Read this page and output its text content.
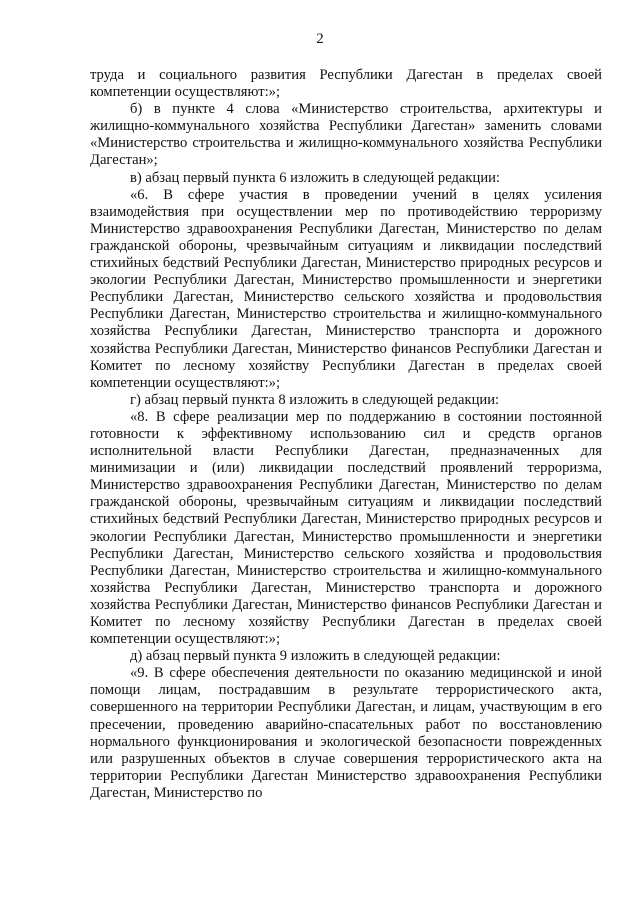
2

труда и социального развития Республики Дагестан в пределах своей компетенции осуществляют:»;

б) в пункте 4 слова «Министерство строительства, архитектуры и жилищно-коммунального хозяйства Республики Дагестан» заменить словами «Министерство строительства и жилищно-коммунального хозяйства Республики Дагестан»;

в) абзац первый пункта 6 изложить в следующей редакции:

«6. В сфере участия в проведении учений в целях усиления взаимодействия при осуществлении мер по противодействию терроризму Министерство здравоохранения Республики Дагестан, Министерство по делам гражданской обороны, чрезвычайным ситуациям и ликвидации последствий стихийных бедствий Республики Дагестан, Министерство природных ресурсов и экологии Республики Дагестан, Министерство промышленности и энергетики Республики Дагестан, Министерство сельского хозяйства и продовольствия Республики Дагестан, Министерство строительства и жилищно-коммунального хозяйства Республики Дагестан, Министерство транспорта и дорожного хозяйства Республики Дагестан, Министерство финансов Республики Дагестан и Комитет по лесному хозяйству Республики Дагестан в пределах своей компетенции осуществляют:»;

г) абзац первый пункта 8 изложить в следующей редакции:

«8. В сфере реализации мер по поддержанию в состоянии постоянной готовности к эффективному использованию сил и средств органов исполнительной власти Республики Дагестан, предназначенных для минимизации и (или) ликвидации последствий проявлений терроризма, Министерство здравоохранения Республики Дагестан, Министерство по делам гражданской обороны, чрезвычайным ситуациям и ликвидации последствий стихийных бедствий Республики Дагестан, Министерство природных ресурсов и экологии Республики Дагестан, Министерство промышленности и энергетики Республики Дагестан, Министерство сельского хозяйства и продовольствия Республики Дагестан, Министерство строительства и жилищно-коммунального хозяйства Республики Дагестан, Министерство транспорта и дорожного хозяйства Республики Дагестан, Министерство финансов Республики Дагестан и Комитет по лесному хозяйству Республики Дагестан в пределах своей компетенции осуществляют:»;

д) абзац первый пункта 9 изложить в следующей редакции:

«9. В сфере обеспечения деятельности по оказанию медицинской и иной помощи лицам, пострадавшим в результате террористического акта, совершенного на территории Республики Дагестан, и лицам, участвующим в его пресечении, проведению аварийно-спасательных работ по восстановлению нормального функционирования и экологической безопасности поврежденных или разрушенных объектов в случае совершения террористического акта на территории Республики Дагестан Министерство здравоохранения Республики Дагестан, Министерство по
